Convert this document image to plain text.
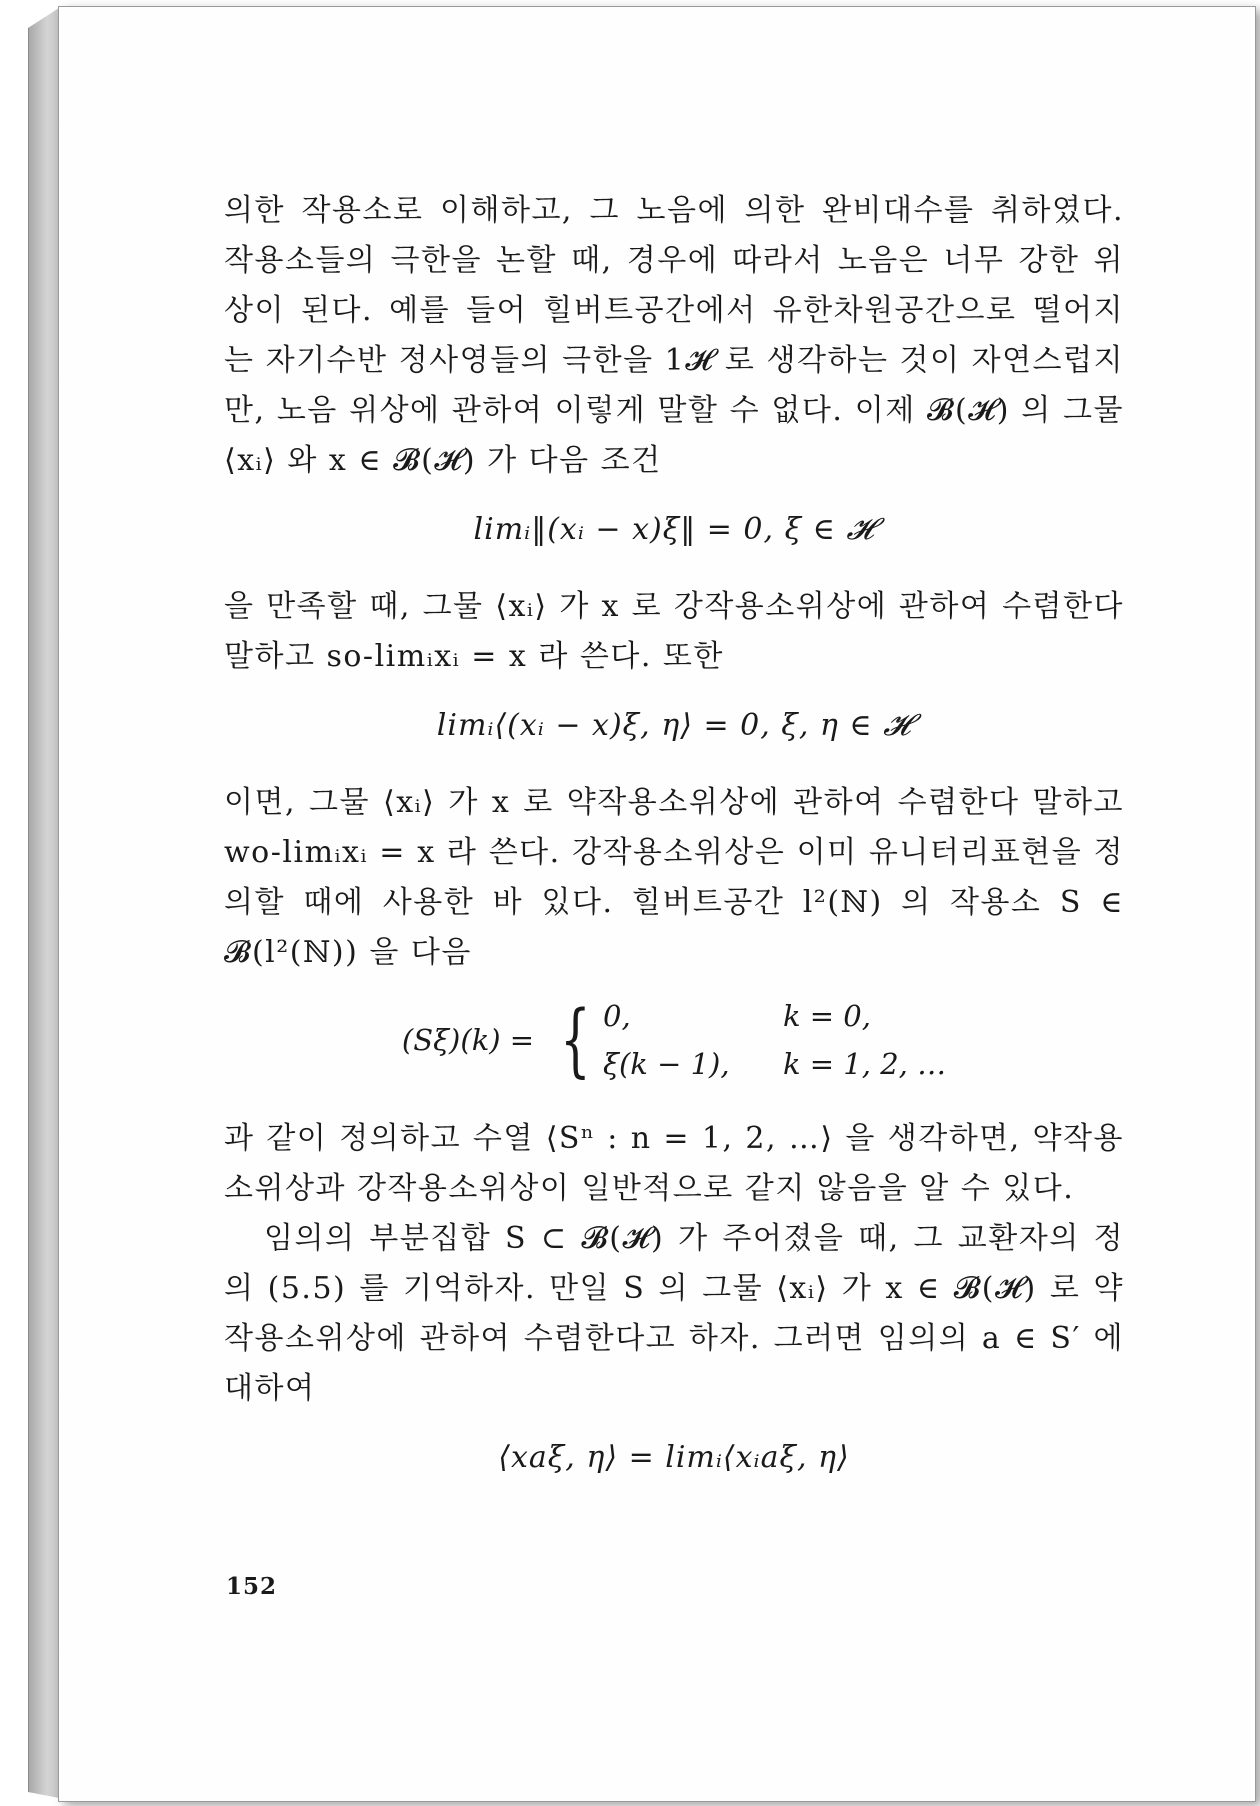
의한 작용소로 이해하고, 그 노음에 의한 완비대수를 취하였다. 작용소들의 극한을 논할 때, 경우에 따라서 노음은 너무 강한 위상이 된다. 예를 들어 힐버트공간에서 유한차원공간으로 떨어지는 자기수반 정사영들의 극한을 1𝓗 로 생각하는 것이 자연스럽지만, 노음 위상에 관하여 이렇게 말할 수 없다. 이제 𝓑(𝓗) 의 그물 ⟨xᵢ⟩ 와 x ∈ 𝓑(𝓗) 가 다음 조건

limᵢ‖(xᵢ − x)ξ‖ = 0, ξ ∈ 𝓗

을 만족할 때, 그물 ⟨xᵢ⟩ 가 x 로 강작용소위상에 관하여 수렴한다 말하고 so-limᵢxᵢ = x 라 쓴다. 또한

limᵢ⟨(xᵢ − x)ξ, η⟩ = 0, ξ, η ∈ 𝓗

이면, 그물 ⟨xᵢ⟩ 가 x 로 약작용소위상에 관하여 수렴한다 말하고 wo-limᵢxᵢ = x 라 쓴다. 강작용소위상은 이미 유니터리표현을 정의할 때에 사용한 바 있다. 힐버트공간 l²(ℕ) 의 작용소 S ∈ 𝓑(l²(ℕ)) 을 다음

(Sξ)(k) = { 0,	k = 0,
ξ(k − 1),	k = 1, 2, …

과 같이 정의하고 수열 ⟨Sⁿ : n = 1, 2, …⟩ 을 생각하면, 약작용소위상과 강작용소위상이 일반적으로 같지 않음을 알 수 있다.

임의의 부분집합 S ⊂ 𝓑(𝓗) 가 주어졌을 때, 그 교환자의 정의 (5.5) 를 기억하자. 만일 S 의 그물 ⟨xᵢ⟩ 가 x ∈ 𝓑(𝓗) 로 약작용소위상에 관하여 수렴한다고 하자. 그러면 임의의 a ∈ S′ 에 대하여

⟨xaξ, η⟩ = limᵢ⟨xᵢaξ, η⟩
152
